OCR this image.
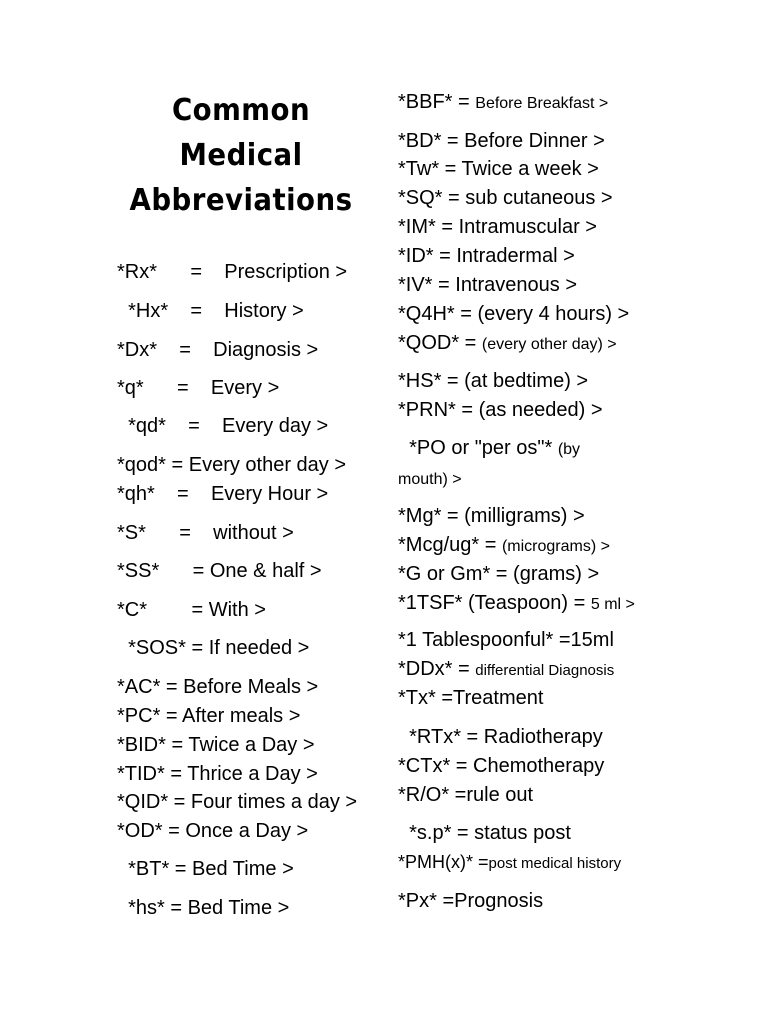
Common
Medical
Abbreviations
*Rx*      =    Prescription >
*Hx*    =    History >
*Dx*    =    Diagnosis >
*q*      =    Every >
*qd*    =    Every day >
*qod* = Every other day >
*qh*    =    Every Hour >
*S*      =    without >
*SS*      = One & half >
*C*        = With >
*SOS* = If needed >
*AC* = Before Meals >
*PC* = After meals >
*BID* = Twice a Day >
*TID* = Thrice a Day >
*QID* = Four times a day >
*OD* = Once a Day >
*BT* = Bed Time >
*hs* = Bed Time >
*BBF* = Before Breakfast >
*BD* = Before Dinner >
*Tw* = Twice a week >
*SQ* = sub cutaneous >
*IM* = Intramuscular >
*ID* = Intradermal >
*IV* = Intravenous >
*Q4H* = (every 4 hours) >
*QOD* = (every other day) >
*HS* = (at bedtime) >
*PRN* = (as needed) >
*PO or "per os"* (by
mouth) >
*Mg* = (milligrams) >
*Mcg/ug* = (micrograms) >
*G or Gm* = (grams) >
*1TSF* (Teaspoon) = 5 ml >
*1 Tablespoonful* =15ml
*DDx* = differential Diagnosis
*Tx* =Treatment
*RTx* = Radiotherapy
*CTx* = Chemotherapy
*R/O* =rule out
*s.p* = status post
*PMH(x)* =post medical history
*Px* =Prognosis
